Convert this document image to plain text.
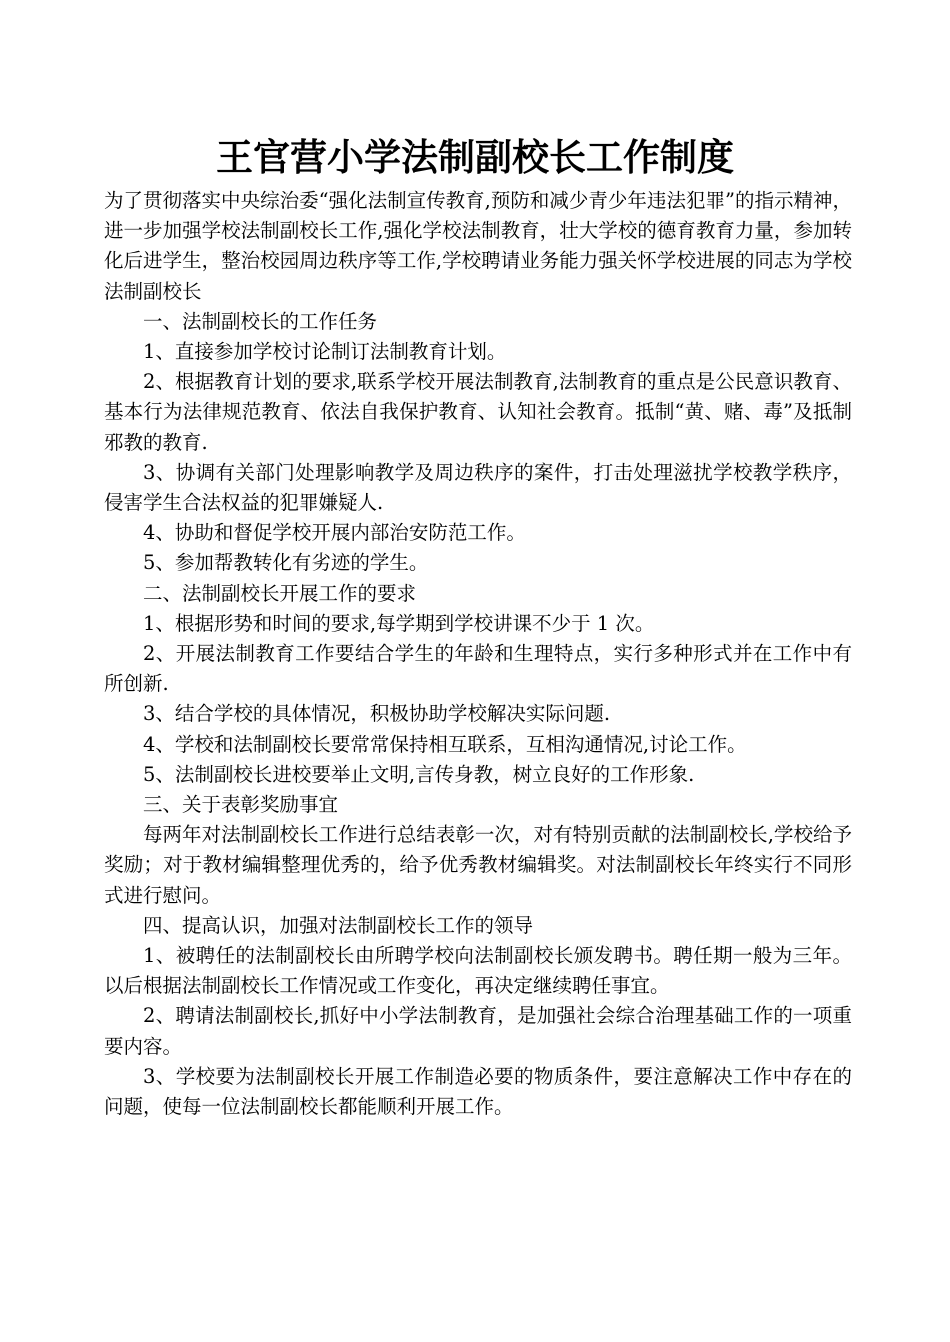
王官营小学法制副校长工作制度

为了贯彻落实中央综治委“强化法制宣传教育,预防和减少青少年违法犯罪”的指示精神，进一步加强学校法制副校长工作,强化学校法制教育，壮大学校的德育教育力量，参加转化后进学生，整治校园周边秩序等工作,学校聘请业务能力强关怀学校进展的同志为学校法制副校长

一、法制副校长的工作任务

1、直接参加学校讨论制订法制教育计划。

2、根据教育计划的要求,联系学校开展法制教育,法制教育的重点是公民意识教育、基本行为法律规范教育、依法自我保护教育、认知社会教育。抵制“黄、赌、毒”及抵制邪教的教育.

3、协调有关部门处理影响教学及周边秩序的案件，打击处理滋扰学校教学秩序，侵害学生合法权益的犯罪嫌疑人.

4、协助和督促学校开展内部治安防范工作。

5、参加帮教转化有劣迹的学生。

二、法制副校长开展工作的要求

1、根据形势和时间的要求,每学期到学校讲课不少于 1 次。

2、开展法制教育工作要结合学生的年龄和生理特点，实行多种形式并在工作中有所创新.

3、结合学校的具体情况，积极协助学校解决实际问题.

4、学校和法制副校长要常常保持相互联系，互相沟通情况,讨论工作。

5、法制副校长进校要举止文明,言传身教，树立良好的工作形象.

三、关于表彰奖励事宜

每两年对法制副校长工作进行总结表彰一次，对有特别贡献的法制副校长,学校给予奖励；对于教材编辑整理优秀的，给予优秀教材编辑奖。对法制副校长年终实行不同形式进行慰问。

四、提高认识，加强对法制副校长工作的领导

1、被聘任的法制副校长由所聘学校向法制副校长颁发聘书。聘任期一般为三年。以后根据法制副校长工作情况或工作变化，再决定继续聘任事宜。

2、聘请法制副校长,抓好中小学法制教育，是加强社会综合治理基础工作的一项重要内容。

3、学校要为法制副校长开展工作制造必要的物质条件，要注意解决工作中存在的问题，使每一位法制副校长都能顺利开展工作。
